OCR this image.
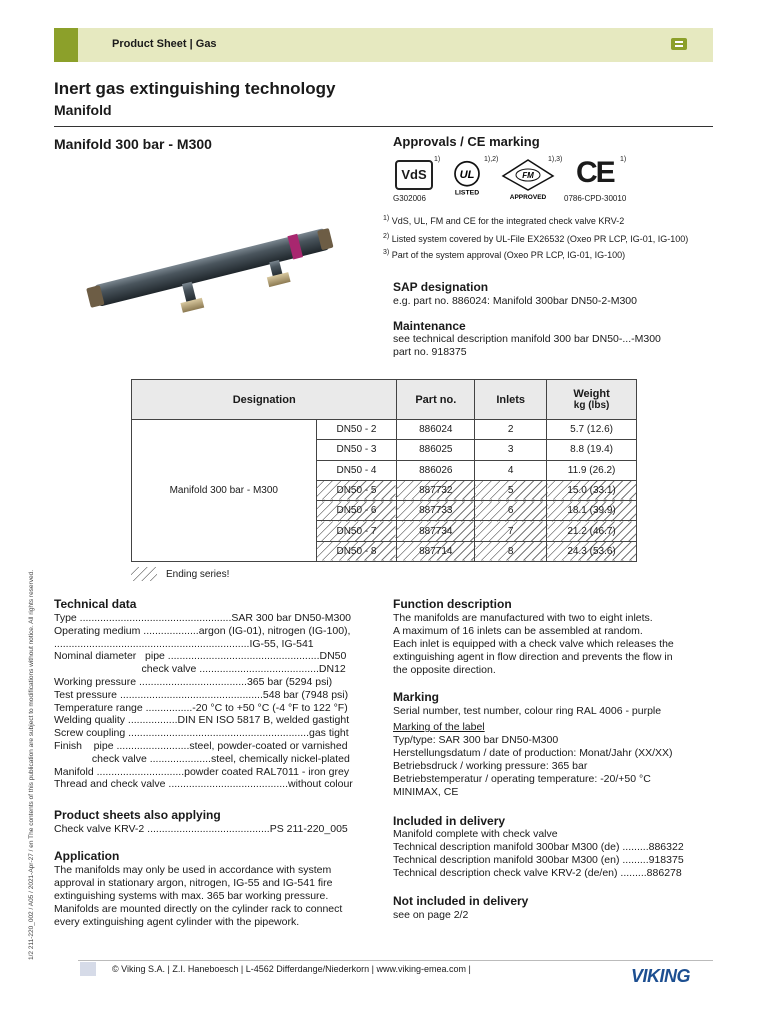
Product Sheet | Gas
Inert gas extinguishing technology
Manifold
Manifold 300 bar - M300	Approvals / CE marking
VdS
1)
G302006
UL
LISTED
1),2)
FM
APPROVED
1),3) CE 1)
0786-CPD-30010
$^{1)}$ VdS, UL, FM and CE for the integrated check valve KRV-2
$^{2)}$ Listed system covered by UL-File EX26532 (Oxeo PR LCP, IG-01, IG-100)
$^{3)}$ Part of the system approval (Oxeo PR LCP, IG-01, IG-100)
SAP designation
e.g. part no. 886024: Manifold 300bar DN50-2-M300
Maintenance
see technical description manifold 300 bar DN50-...-M300
part no. 918375
Designation		Part no.	Inlets	Weight
kg (lbs)

Manifold 300 bar - M300	DN50 - 2	886024	2	5.7 (12.6)
	DN50 - 3	886025	3	8.8 (19.4)
	DN50 - 4	886026	4	11.9 (26.2)
	DN50 - 5	887732	5	15.0 (33.1)
	DN50 - 6	887733	6	18.1 (39.9)
	DN50 - 7	887734	7	21.2 (46.7)
	DN50 - 8	887714	8	24.3 (53.6)
Ending series!
Technical data
Type ....................................................SAR 300 bar DN50-M300
Operating medium ...................argon (IG-01), nitrogen (IG-100),
...................................................................IG-55, IG-541
Nominal diameter   pipe ....................................................DN50
check valve .........................................DN12
Working pressure .....................................365 bar (5294 psi)
Test pressure .................................................548 bar (7948 psi)
Temperature range ................-20 °C to +50 °C (-4 °F to 122 °F)
Welding quality .................DIN EN ISO 5817 B, welded gastight
Screw coupling ..............................................................gas tight
Finish    pipe .........................steel, powder-coated or varnished
check valve .....................steel, chemically nickel-plated
Manifold ..............................powder coated RAL7011 - iron grey
Thread and check valve .........................................without colour
Product sheets also applying
Check valve KRV-2 ..........................................PS 211-220_005
Application
The manifolds may only be used in accordance with system
approval in stationary argon, nitrogen, IG-55 and IG-541 fire
extinguishing systems with max. 365 bar working pressure.
Manifolds are mounted directly on the cylinder rack to connect
every extinguishing agent cylinder with the pipework.
Function description
The manifolds are manufactured with two to eight inlets.
A maximum of 16 inlets can be assembled at random.
Each inlet is equipped with a check valve which releases the
extinguishing agent in flow direction and prevents the flow in
the opposite direction.
Marking
Serial number, test number, colour ring RAL 4006 - purple
Marking of the label
Typ/type: SAR 300 bar DN50-M300
Herstellungsdatum / date of production: Monat/Jahr (XX/XX)
Betriebsdruck / working pressure: 365 bar
Betriebstemperatur / operating temperature: -20/+50 °C
MINIMAX, CE
Included in delivery
Manifold complete with check valve
Technical description manifold 300bar M300 (de) .........886322
Technical description manifold 300bar M300 (en) .........918375
Technical description check valve KRV-2 (de/en) .........886278
Not included in delivery
see on page 2/2
1/2 211-220_002 / A05 / 2021-Apr-27 / en The contents of this publication are subject to modifications without notice. All rights reserved.
© Viking S.A. | Z.I. Haneboesch | L-4562 Differdange/Niederkorn | www.viking-emea.com |	VIKING
